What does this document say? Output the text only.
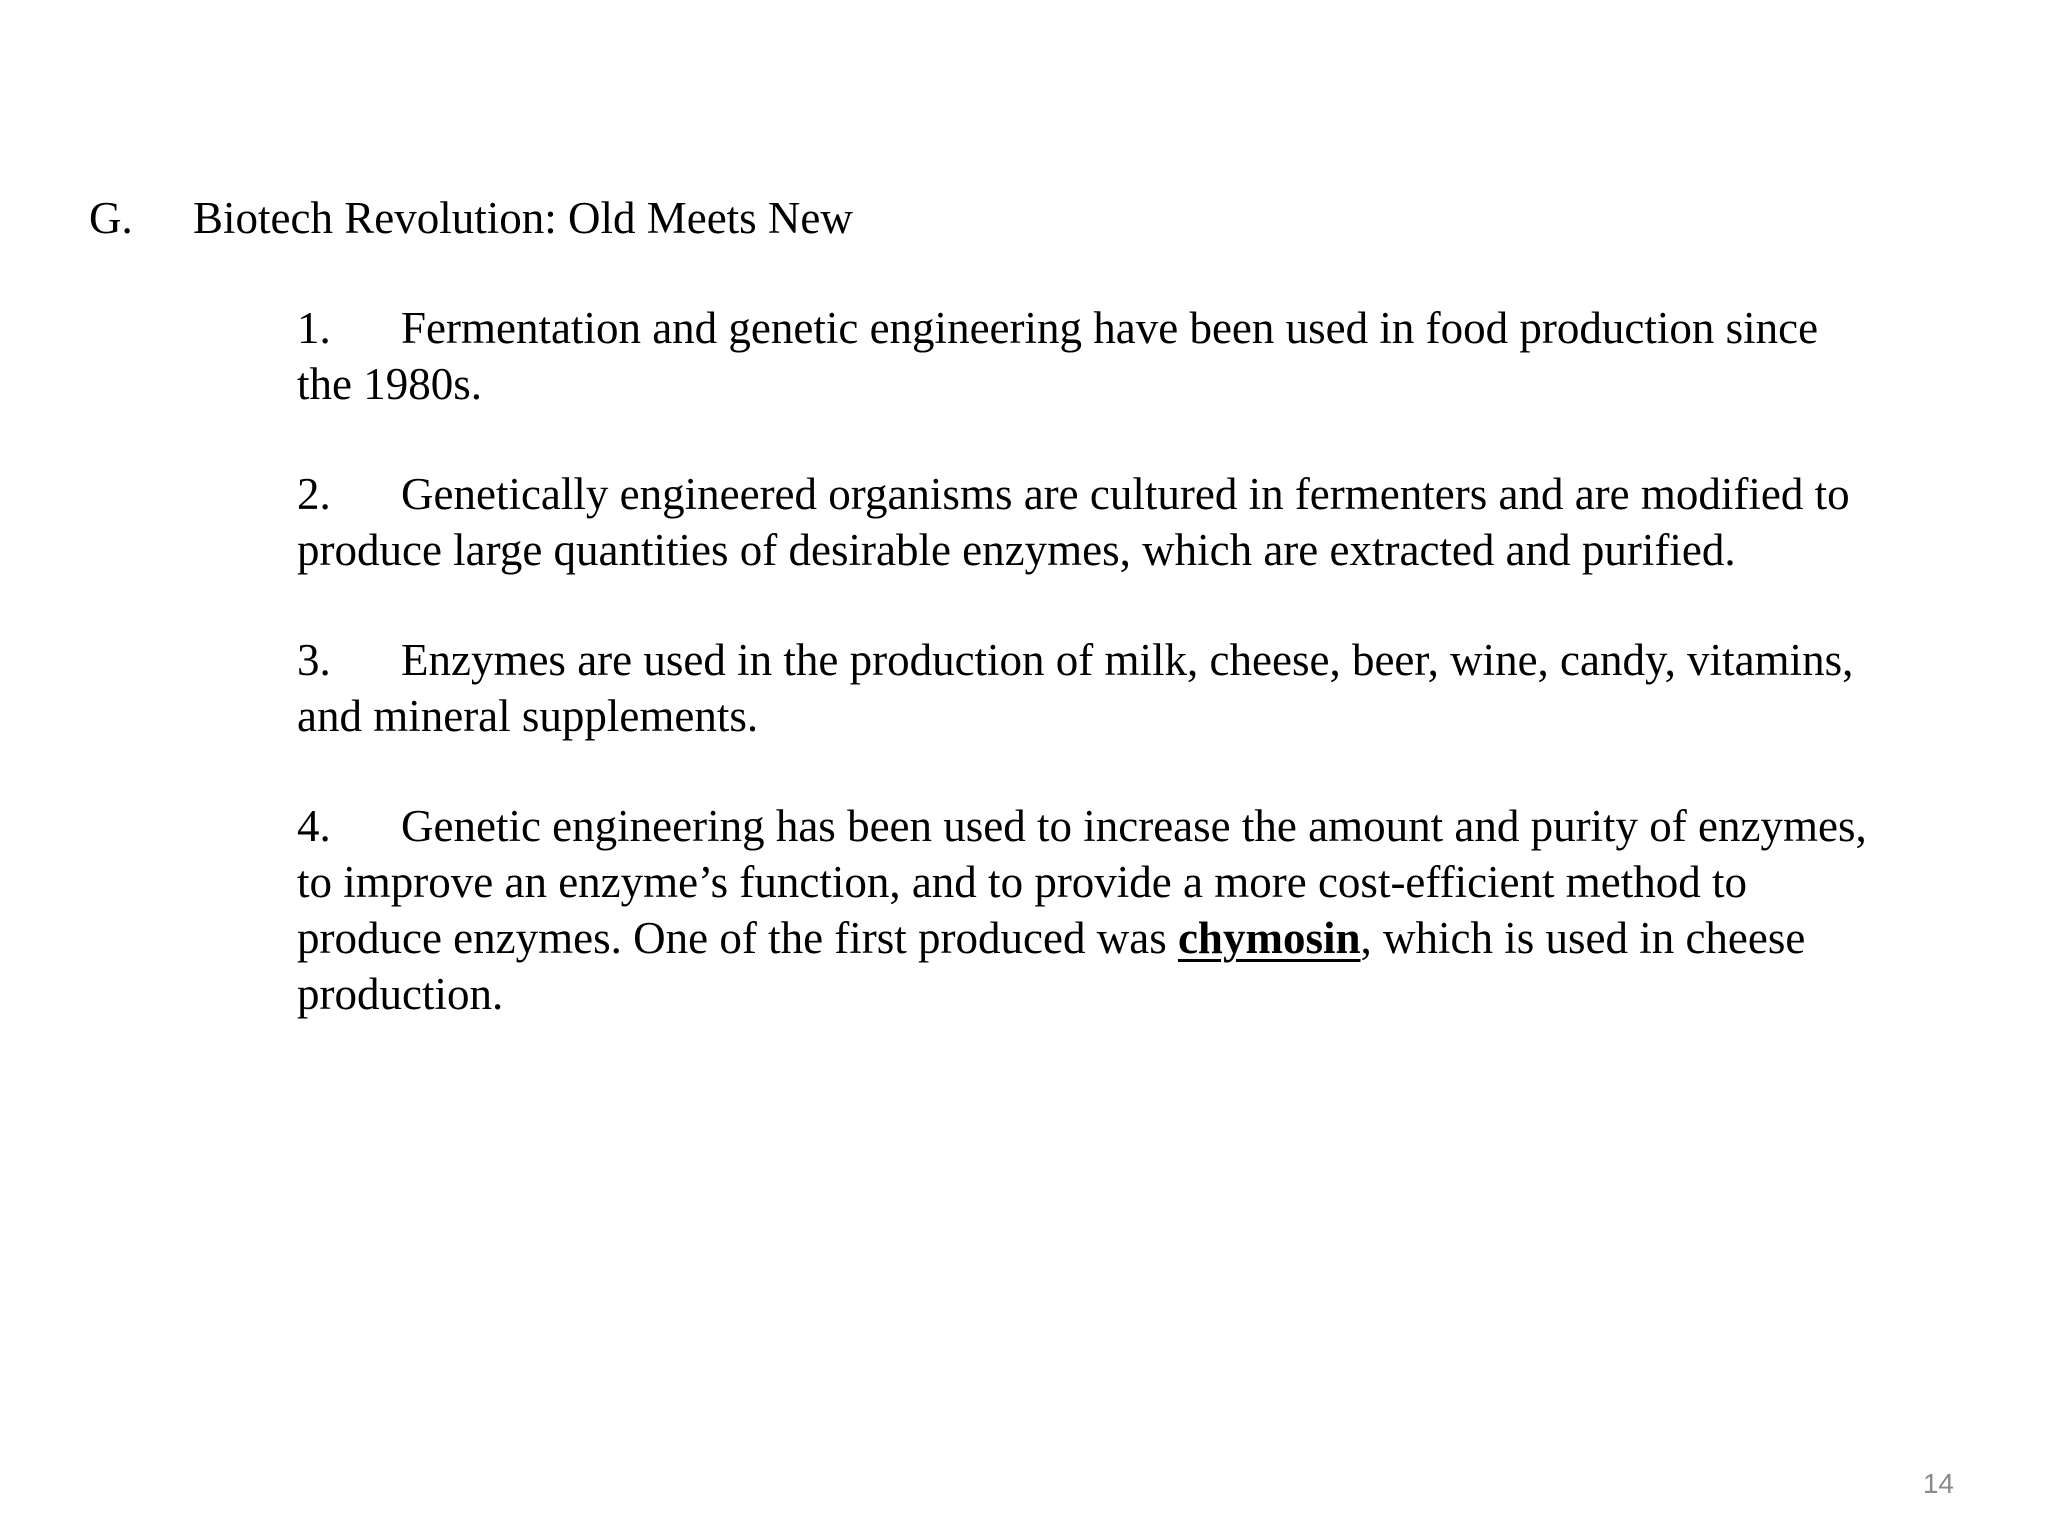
G. Biotech Revolution: Old Meets New
1. Fermentation and genetic engineering have been used in food production since the 1980s.
2. Genetically engineered organisms are cultured in fermenters and are modified to produce large quantities of desirable enzymes, which are extracted and purified.
3. Enzymes are used in the production of milk, cheese, beer, wine, candy, vitamins, and mineral supplements.
4. Genetic engineering has been used to increase the amount and purity of enzymes, to improve an enzyme’s function, and to provide a more cost-efficient method to produce enzymes. One of the first produced was chymosin, which is used in cheese production.
14
